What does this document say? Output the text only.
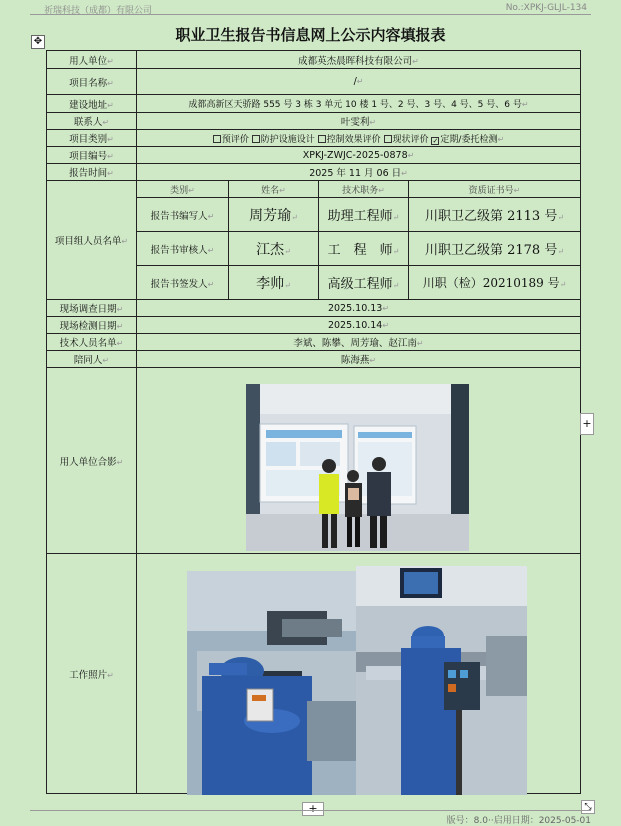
祈瑞科技（成都）有限公司	No.:XPKJ-GLJL-134
✥	职业卫生报告书信息网上公示内容填报表
用人单位↵	成都英杰晨晖科技有限公司↵			
项目名称↵	/↵			
建设地址↵	成都高新区天骄路 555 号 3 栋 3 单元 10 楼 1 号、2 号、3 号、4 号、5 号、6 号↵			
联系人↵	叶雯利↵			
项目类别↵	预评价 防护设施设计 控制效果评价 现状评价 ✓ 定期/委托检测↵			
项目编号↵	XPKJ-ZWJC-2025-0878↵			
报告时间↵	2025 年 11 月 06 日↵			
项目组人员名单↵	类别↵	姓名↵	技术职务↵	资质证书号↵
	报告书编写人↵	周芳瑜↵	助理工程师↵	川职卫乙级第 2113 号↵
	报告书审核人↵	江杰↵	工　程　师↵	川职卫乙级第 2178 号↵
	报告书签发人↵	李帅↵	高级工程师↵	川职（检）20210189 号↵
现场调查日期↵	2025.10.13↵			
现场检测日期↵	2025.10.14↵			
技术人员名单↵	李斌、陈攀、周芳瑜、赵江南↵			
陪同人↵	陈海燕↵			
用人单位合影↵				
工作照片↵				
+
+	⤡
版号：8.0··启用日期：2025-05-01
